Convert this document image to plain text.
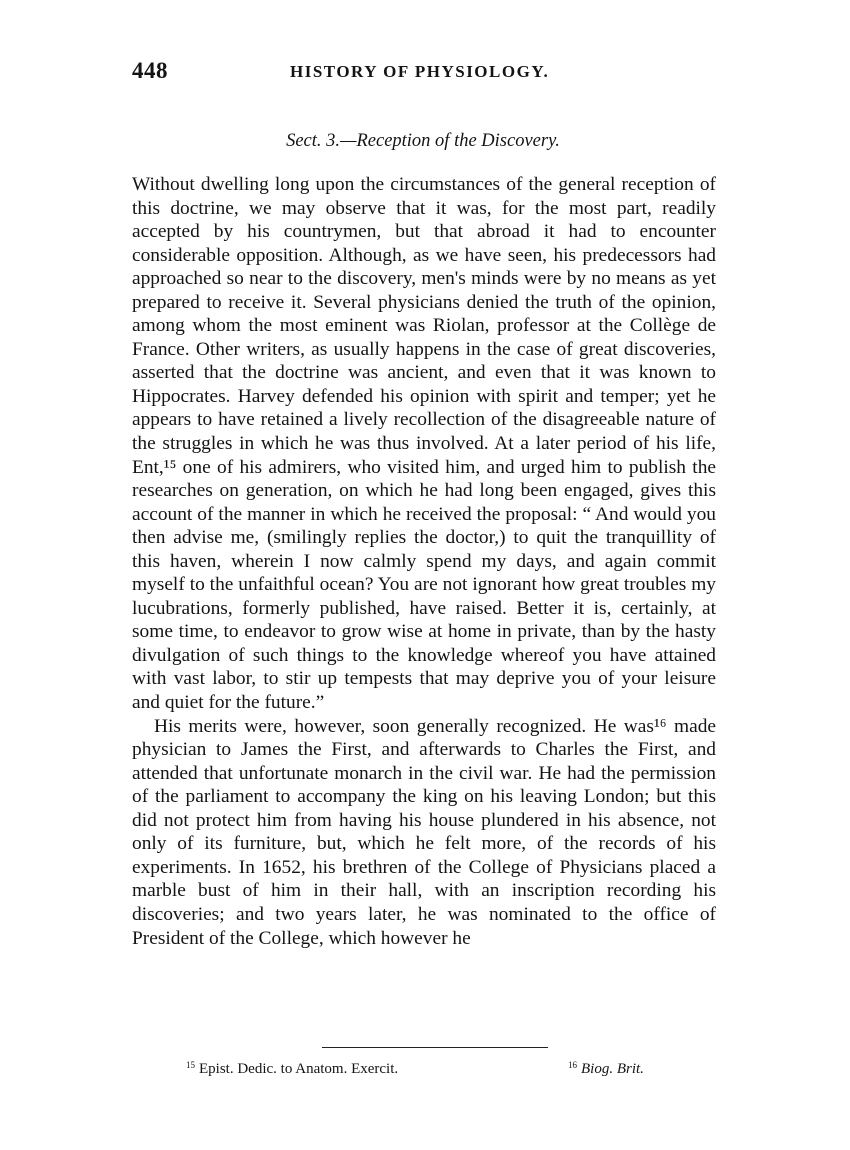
448	HISTORY OF PHYSIOLOGY.
Sect. 3.—Reception of the Discovery.

Without dwelling long upon the circumstances of the general reception of this doctrine, we may observe that it was, for the most part, readily accepted by his countrymen, but that abroad it had to encounter considerable opposition. Although, as we have seen, his predecessors had approached so near to the discovery, men's minds were by no means as yet prepared to receive it. Several physicians denied the truth of the opinion, among whom the most eminent was Riolan, professor at the Collège de France. Other writers, as usually happens in the case of great discoveries, asserted that the doctrine was ancient, and even that it was known to Hippocrates. Harvey defended his opinion with spirit and temper; yet he appears to have retained a lively recollection of the disagreeable nature of the struggles in which he was thus involved. At a later period of his life, Ent,¹⁵ one of his admirers, who visited him, and urged him to publish the researches on generation, on which he had long been engaged, gives this account of the manner in which he received the proposal: “ And would you then advise me, (smilingly replies the doctor,) to quit the tranquillity of this haven, wherein I now calmly spend my days, and again commit myself to the unfaithful ocean? You are not ignorant how great troubles my lucubrations, formerly published, have raised. Better it is, certainly, at some time, to endeavor to grow wise at home in private, than by the hasty divulgation of such things to the knowledge whereof you have attained with vast labor, to stir up tempests that may deprive you of your leisure and quiet for the future.”

His merits were, however, soon generally recognized. He was¹⁶ made physician to James the First, and afterwards to Charles the First, and attended that unfortunate monarch in the civil war. He had the permission of the parliament to accompany the king on his leaving London; but this did not protect him from having his house plundered in his absence, not only of its furniture, but, which he felt more, of the records of his experiments. In 1652, his brethren of the College of Physicians placed a marble bust of him in their hall, with an inscription recording his discoveries; and two years later, he was nominated to the office of President of the College, which however he

$^{15}$ Epist. Dedic. to Anatom. Exercit.	$^{16}$ Biog. Brit.
